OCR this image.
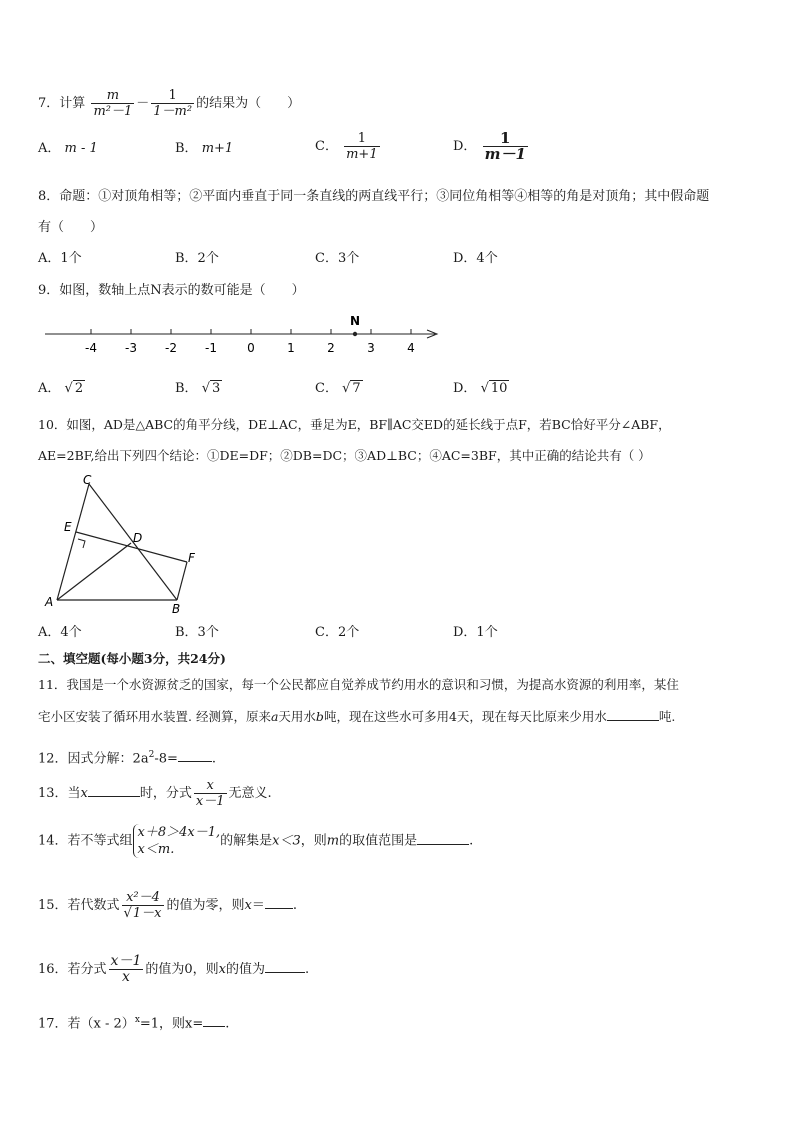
7．计算 $\frac{m}{\text{m²－1}} - \frac{1}{\text{1－m²}}$ 的结果为（　　）
A． m - 1	B． m+1	C． $\frac{1}{m+1}$	D． $\frac{1}{m-1}$
8．命题：①对顶角相等；②平面内垂直于同一条直线的两直线平行；③同位角相等④相等的角是对顶角；其中假命题
有（　　）
A．1个	B．2个	C．3个	D．4个
9．如图，数轴上点N表示的数可能是（　　）
-4 -3 -2 -1	0	1	2	3	4
N
A． √ 2	B． √ 3	C． √ 7	D． √ 10
10．如图，AD是△ABC的角平分线，DE⊥AC，垂足为E，BF∥AC交ED的延长线于点F，若BC恰好平分∠ABF，
AE=2BF,给出下列四个结论：①DE=DF；②DB=DC；③AD⊥BC；④AC=3BF，其中正确的结论共有（ ）
C
E
D
F
A	B
A．4个	B．3个	C．2个	D．1个
二、填空题(每小题3分，共24分)
11．我国是一个水资源贫乏的国家，每一个公民都应自觉养成节约用水的意识和习惯，为提高水资源的利用率，某住
宅小区安装了循环用水装置. 经测算，原来a天用水b吨，现在这些水可多用4天，现在每天比原来少用水	吨.
12．因式分解：$2a^2-8=$	.
13．当x	时，分式 $\frac{x}{x-1}$ 无意义.
14．若不等式组
x＋8＞4x－1,
x＜m.
的解集是x＜3，则m的取值范围是	.
15．若代数式 $\frac{\text{x²－4}}{√1-x}$ 的值为零，则x＝ .
16．若分式 $\frac{x-1}{x}$ 的值为0，则x的值为	.
17．若（x - 2）$^x$=1，则x= .
